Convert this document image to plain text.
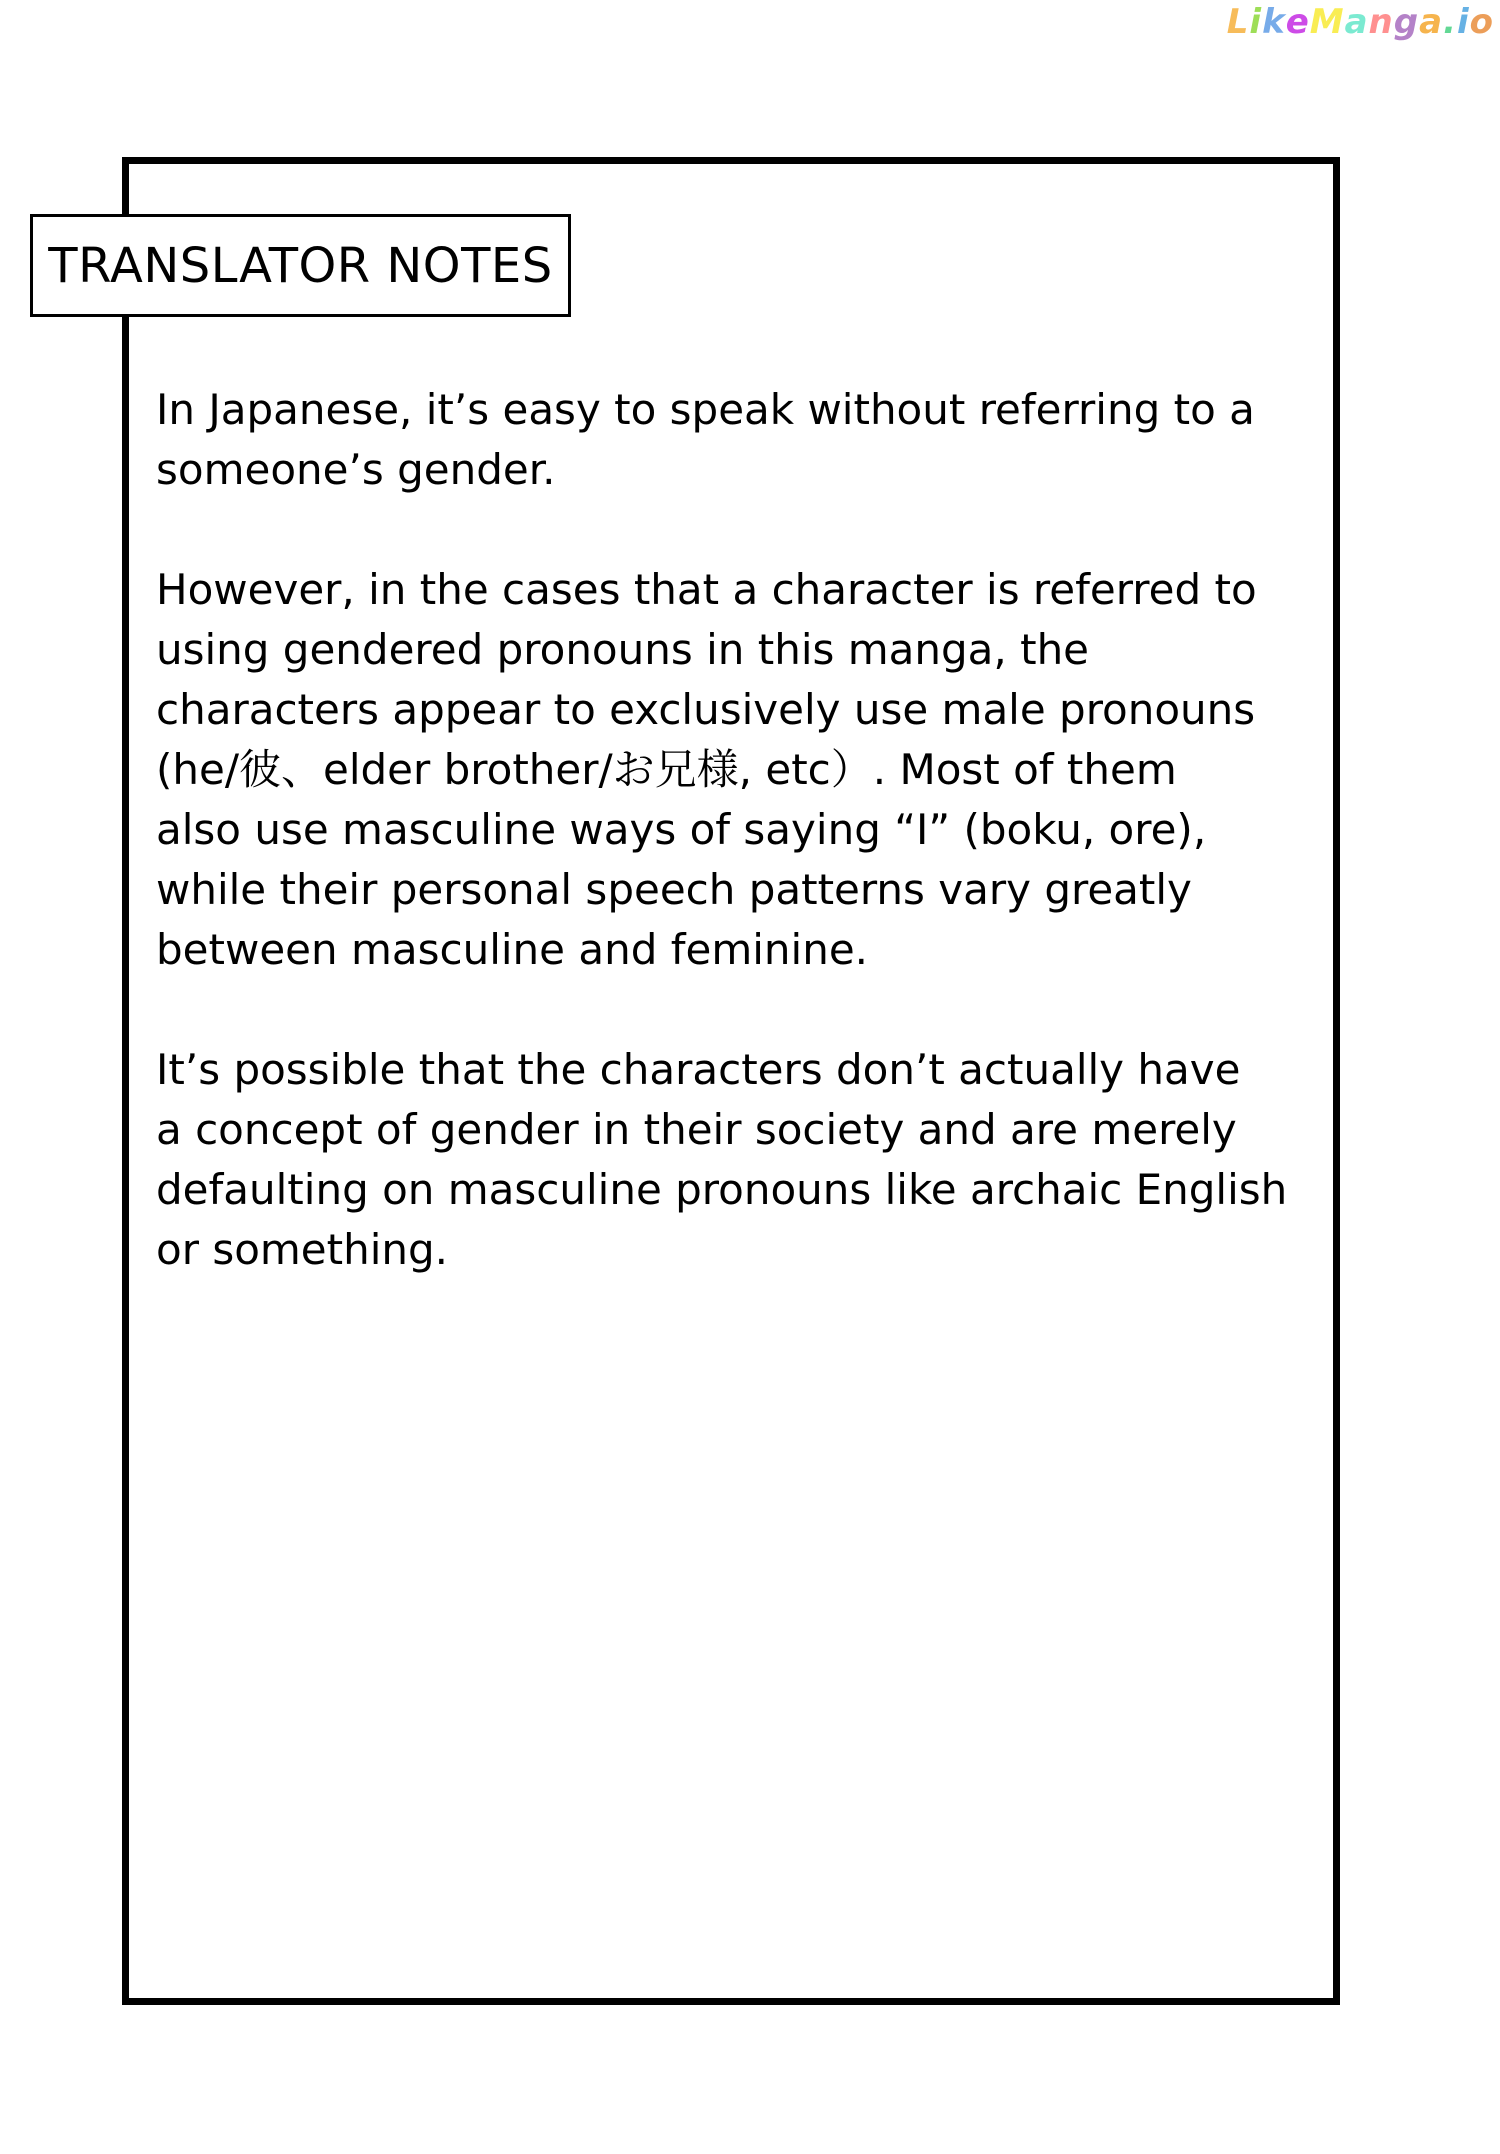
LikeManga.io
TRANSLATOR NOTES

In Japanese, it’s easy to speak without referring to a
someone’s gender.

However, in the cases that a character is referred to
using gendered pronouns in this manga, the
characters appear to exclusively use male pronouns
(he/彼、elder brother/お兄様, etc）. Most of them
also use masculine ways of saying “I” (boku, ore),
while their personal speech patterns vary greatly
between masculine and feminine.

It’s possible that the characters don’t actually have
a concept of gender in their society and are merely
defaulting on masculine pronouns like archaic English
or something.
